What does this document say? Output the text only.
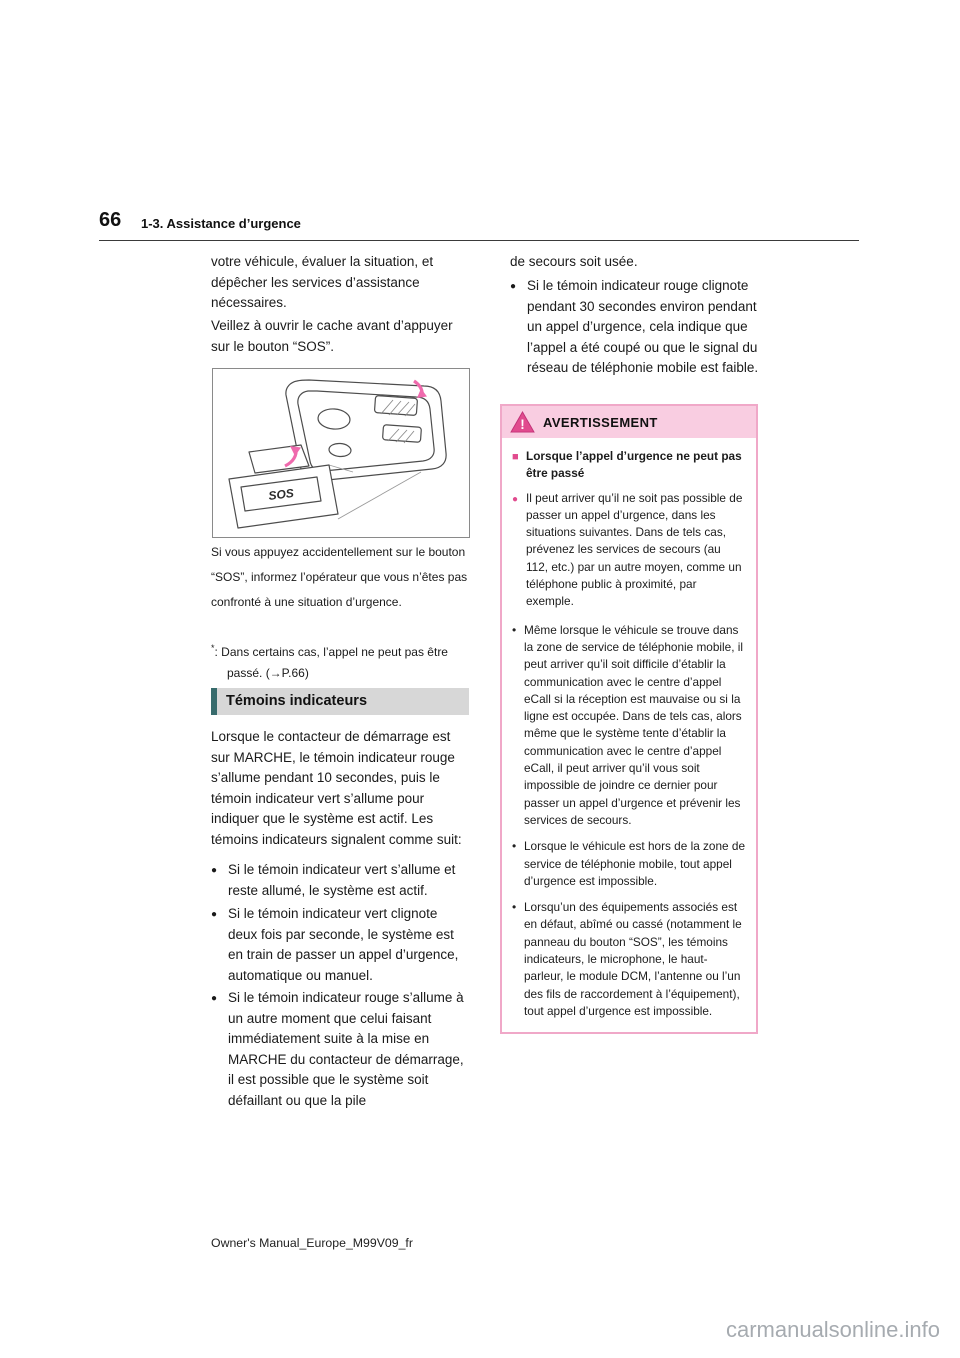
66 1-3. Assistance d’urgence

votre véhicule, évaluer la situation, et dépêcher les services d’assistance nécessaires.

Veillez à ouvrir le cache avant d’appuyer sur le bouton “SOS”.

SOS

Si vous appuyez accidentellement sur le bouton “SOS”, informez l’opérateur que vous n’êtes pas confronté à une situation d’urgence.

*: Dans certains cas, l’appel ne peut pas être passé. (→P.66)

Témoins indicateurs

Lorsque le contacteur de démarrage est sur MARCHE, le témoin indicateur rouge s’allume pendant 10 secondes, puis le témoin indicateur vert s’allume pour indiquer que le système est actif. Les témoins indicateurs signalent comme suit:

● Si le témoin indicateur vert s’allume et reste allumé, le système est actif.
● Si le témoin indicateur vert clignote deux fois par seconde, le système est en train de passer un appel d’urgence, automatique ou manuel.
● Si le témoin indicateur rouge s’allume à un autre moment que celui faisant immédiatement suite à la mise en MARCHE du contacteur de démarrage, il est possible que le système soit défaillant ou que la pile

de secours soit usée.

● Si le témoin indicateur rouge clignote pendant 30 secondes environ pendant un appel d’urgence, cela indique que l’appel a été coupé ou que le signal du réseau de téléphonie mobile est faible.
! AVERTISSEMENT
■ Lorsque l’appel d’urgence ne peut pas être passé
● Il peut arriver qu’il ne soit pas possible de passer un appel d’urgence, dans les situations suivantes. Dans de tels cas, prévenez les services de secours (au 112, etc.) par un autre moyen, comme un téléphone public à proximité, par exemple.
• Même lorsque le véhicule se trouve dans la zone de service de téléphonie mobile, il peut arriver qu’il soit difficile d’établir la communication avec le centre d’appel eCall si la réception est mauvaise ou si la ligne est occupée. Dans de tels cas, alors même que le système tente d’établir la communication avec le centre d’appel eCall, il peut arriver qu’il vous soit impossible de joindre ce dernier pour passer un appel d’urgence et prévenir les services de secours.
• Lorsque le véhicule est hors de la zone de service de téléphonie mobile, tout appel d’urgence est impossible.
• Lorsqu’un des équipements associés est en défaut, abîmé ou cassé (notamment le panneau du bouton “SOS”, les témoins indicateurs, le microphone, le haut-parleur, le module DCM, l’antenne ou l’un des fils de raccordement à l’équipement), tout appel d’urgence est impossible.
Owner's Manual_Europe_M99V09_fr
carmanualsonline.info
